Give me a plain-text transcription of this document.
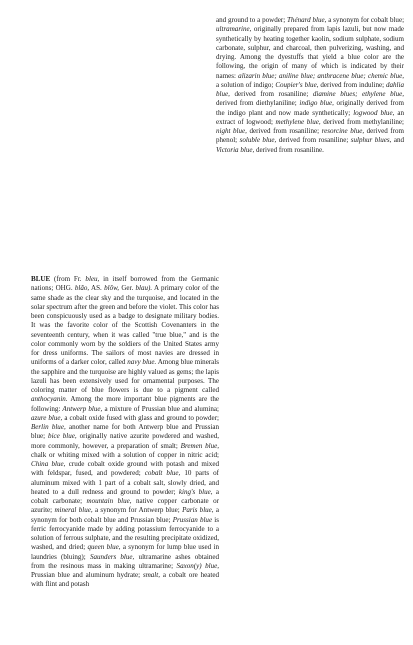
and ground to a powder; Thénard blue, a synonym for cobalt blue;ultramarine, originally prepared from lapis lazuli, but now made synthetically by heating together kaolin, sodium sulphate, sodium carbonate, sulphur, and charcoal, then pulverizing, washing, and drying. Among the dyestuffs that yield a blue color are the following, the origin of many of which is indicated by their names: alizarin blue; aniline blue; anthracene blue; chemic blue,a solution of indigo; Coupier's blue, derived from induline; dahlia blue, derived from rosaniline; diamine blues; ethylene blue,derived from diethylaniline; indigo blue, originally derived from the indigo plant and now made synthetically; logwood blue, an extract of logwood; methylene blue, derived from methylaniline;night blue, derived from rosaniline; resorcine blue, derived from phenol; soluble blue, derived from rosaniline; sulphur blues, andVictoria blue, derived from rosaniline.

BLUE (from Fr. bleu, in itself borrowed from the Germanic nations; OHG. blão, AS. blôw, Ger. blau). A primary color of the same shade as the clear sky and the turquoise, and located in the solar spectrum after the green and before the violet. This color has been conspicuously used as a badge to designate military bodies. It was the favorite color of the Scottish Covenanters in the seventeenth century, when it was called "true blue," and is the color commonly worn by the soldiers of the United States army for dress uniforms. The sailors of most navies are dressed in uniforms of a darker color, called navy blue.Among blue minerals the sapphire and the turquoise are highly valued as gems; the lapis lazuli has been extensively used for ornamental purposes. The coloring matter of blue flowers is due to a pigment calledanthocyanin. Among the more important blue pigments are the following: Antwerp blue, a mixture of Prussian blue and alumina;azure blue, a cobalt oxide fused with glass and ground to powder;Berlin blue, another name for both Antwerp blue and Prussian blue; bice blue, originally native azurite powdered and washed, more commonly, however, a preparation of smalt; Bremen blue,chalk or whiting mixed with a solution of copper in nitric acid;China blue, crude cobalt oxide ground with potash and mixed with feldspar, fused, and powdered; cobalt blue, 10 parts of aluminum mixed with 1 part of a cobalt salt, slowly dried, and heated to a dull redness and ground to powder; king's blue, a cobalt carbonate; mountain blue, native copper carbonate or azurite; mineral blue, a synonym for Antwerp blue; Paris blue, a synonym for both cobalt blue and Prussian blue; Prussian blue is ferric ferrocyanide made by adding potassium ferrocyanide to a solution of ferrous sulphate, and the resulting precipitate oxidized, washed, and dried; queen blue, a synonym for lump blue used in laundries (bluing); Saunders blue, ultramarine ashes obtained from the resinous mass in making ultramarine; Saxon(y) blue,Prussian blue and aluminum hydrate; smalt, a cobalt ore heated with flint and potash
